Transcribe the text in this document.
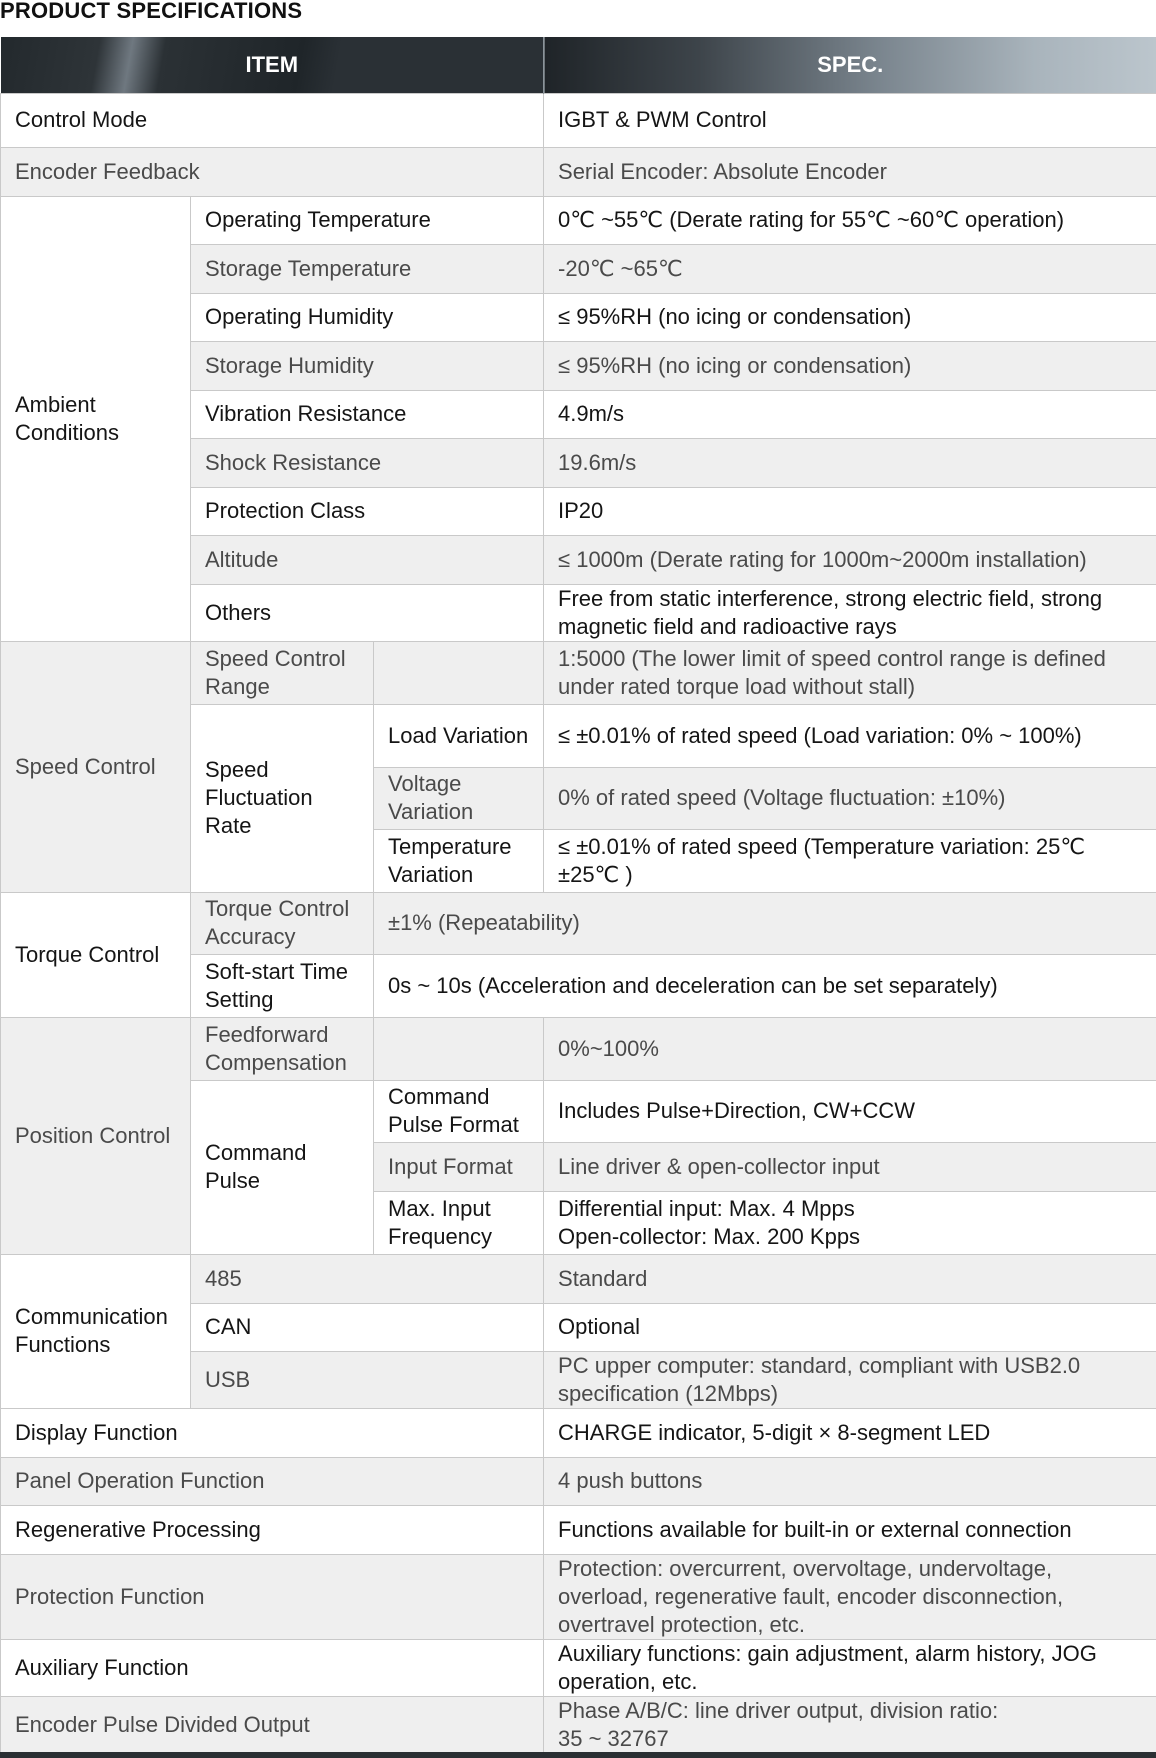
PRODUCT SPECIFICATIONS
ITEM			SPEC.
Control Mode			IGBT & PWM Control
Encoder Feedback			Serial Encoder: Absolute Encoder
Ambient Conditions	Operating Temperature		0℃ ~55℃ (Derate rating for 55℃ ~60℃ operation)
	Storage Temperature		-20℃ ~65℃
	Operating Humidity		≤ 95%RH (no icing or condensation)
	Storage Humidity		≤ 95%RH (no icing or condensation)
	Vibration Resistance		4.9m/s
	Shock Resistance		19.6m/s
	Protection Class		IP20
	Altitude		≤ 1000m (Derate rating for 1000m~2000m installation)
	Others		Free from static interference, strong electric field, strong magnetic field and radioactive rays
Speed Control	Speed Control Range		1:5000 (The lower limit of speed control range is defined under rated torque load without stall)
	Speed Fluctuation Rate	Load Variation	≤ ±0.01% of rated speed (Load variation: 0% ~ 100%)
		Voltage Variation	0% of rated speed (Voltage fluctuation: ±10%)
		Temperature Variation	≤ ±0.01% of rated speed (Temperature variation: 25℃ ±25℃ )
Torque Control	Torque Control Accuracy	±1% (Repeatability)	
	Soft-start Time Setting	0s ~ 10s (Acceleration and deceleration can be set separately)	
Position Control	Feedforward Compensation		0%~100%
	Command Pulse	Command Pulse Format	Includes Pulse+Direction, CW+CCW
		Input Format	Line driver & open-collector input
		Max. Input Frequency	Differential input: Max. 4 Mpps
Open-collector: Max. 200 Kpps
Communication Functions	485		Standard
	CAN		Optional
	USB		PC upper computer: standard, compliant with USB2.0 specification (12Mbps)
Display Function			CHARGE indicator, 5-digit × 8-segment LED
Panel Operation Function			4 push buttons
Regenerative Processing			Functions available for built-in or external connection
Protection Function			Protection: overcurrent, overvoltage, undervoltage, overload, regenerative fault, encoder disconnection, overtravel protection, etc.
Auxiliary Function			Auxiliary functions: gain adjustment, alarm history, JOG operation, etc.
Encoder Pulse Divided Output			Phase A/B/C: line driver output, division ratio:
35 ~ 32767
